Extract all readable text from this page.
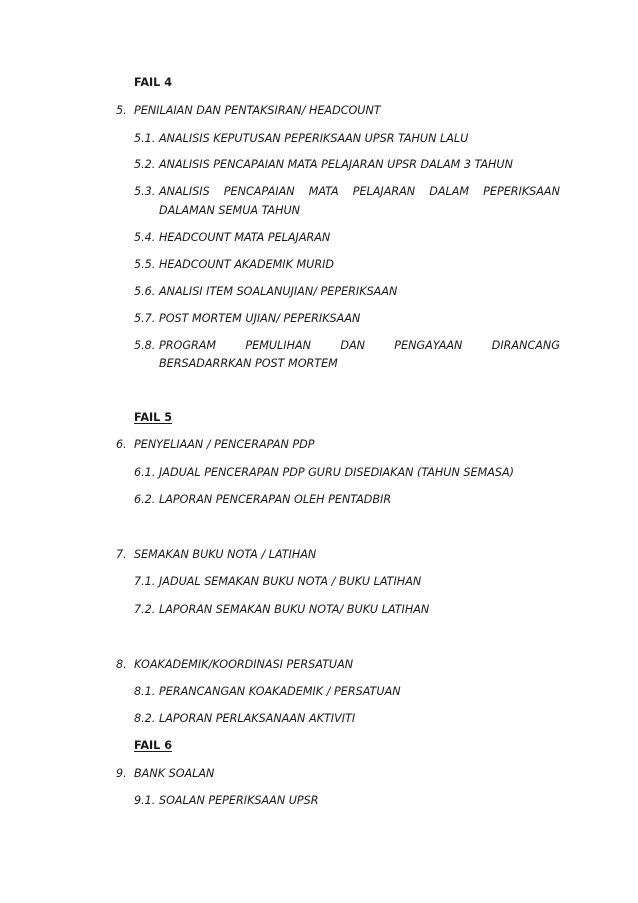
FAIL 4
5. PENILAIAN DAN PENTAKSIRAN/ HEADCOUNT
5.1. ANALISIS KEPUTUSAN PEPERIKSAAN UPSR TAHUN LALU
5.2. ANALISIS PENCAPAIAN MATA PELAJARAN UPSR DALAM 3 TAHUN
5.3. ANALISIS PENCAPAIAN MATA PELAJARAN DALAM PEPERIKSAAN
DALAMAN SEMUA TAHUN
5.4. HEADCOUNT MATA PELAJARAN
5.5. HEADCOUNT AKADEMIK MURID
5.6. ANALISI ITEM SOALANUJIAN/ PEPERIKSAAN
5.7. POST MORTEM UJIAN/ PEPERIKSAAN
5.8. PROGRAM	PEMULIHAN	DAN	PENGAYAAN	DIRANCANG
BERSADARRKAN POST MORTEM
FAIL 5
6. PENYELIAAN / PENCERAPAN PDP
6.1. JADUAL PENCERAPAN PDP GURU DISEDIAKAN (TAHUN SEMASA)
6.2. LAPORAN PENCERAPAN OLEH PENTADBIR
7. SEMAKAN BUKU NOTA / LATIHAN
7.1. JADUAL SEMAKAN BUKU NOTA / BUKU LATIHAN
7.2. LAPORAN SEMAKAN BUKU NOTA/ BUKU LATIHAN
8. KOAKADEMIK/KOORDINASI PERSATUAN
8.1. PERANCANGAN KOAKADEMIK / PERSATUAN
8.2. LAPORAN PERLAKSANAAN AKTIVITI
FAIL 6
9. BANK SOALAN
9.1. SOALAN PEPERIKSAAN UPSR
